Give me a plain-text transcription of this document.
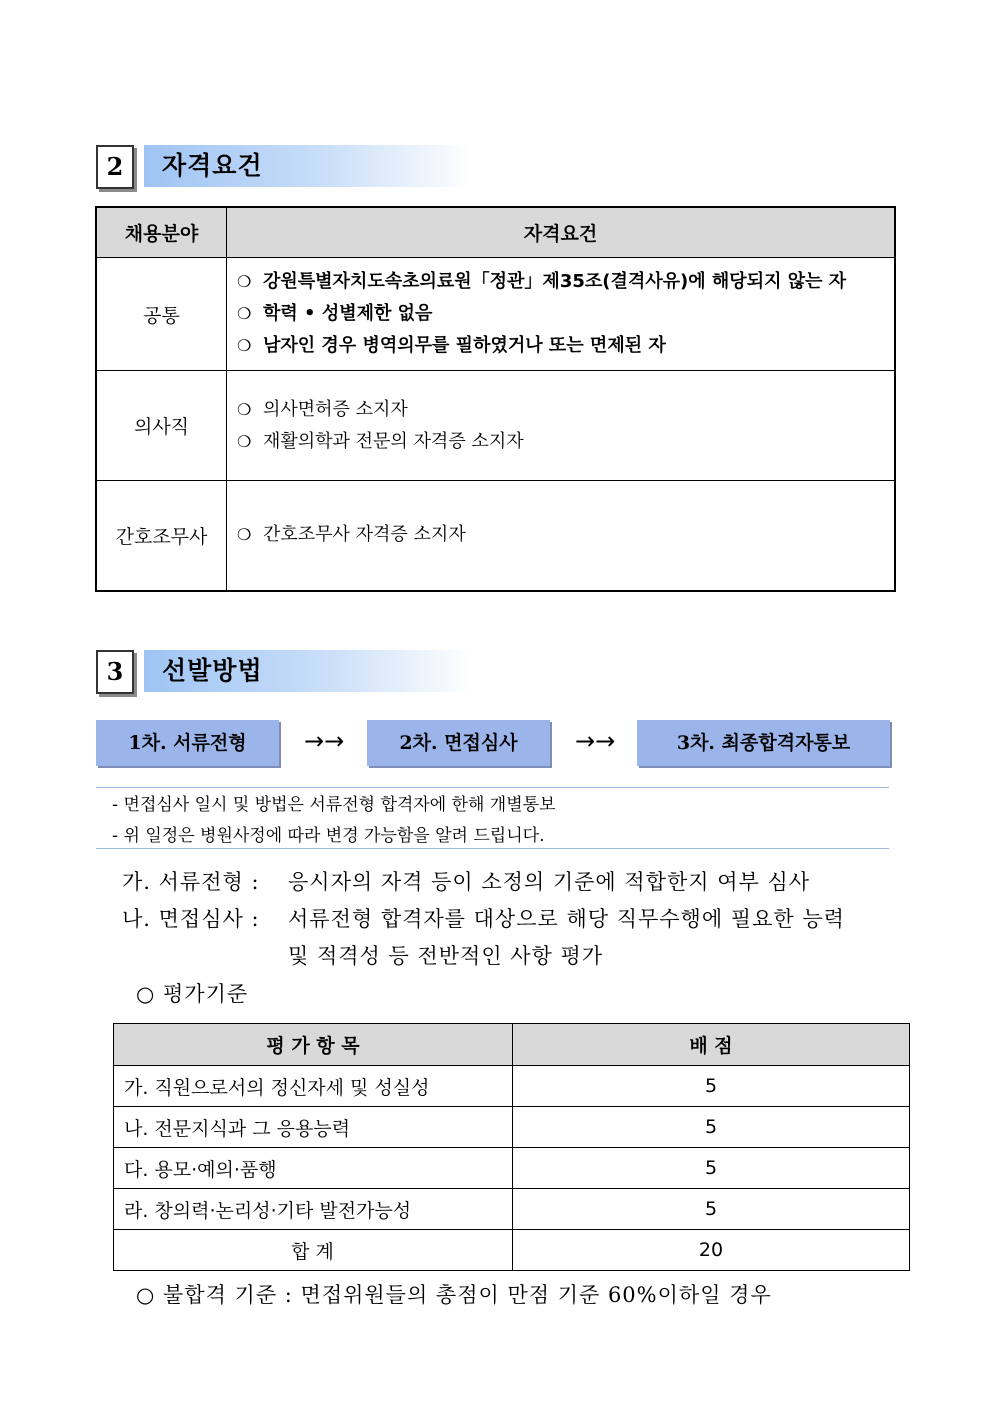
2	자격요건
채용분야	자격요건
공통	❍ 강원특별자치도속초의료원「정관」제35조(결격사유)에 해당되지 않는 자
❍ 학력 • 성별제한 없음
❍ 남자인 경우 병역의무를 필하였거나 또는 면제된 자

의사직	❍ 의사면허증 소지자
❍ 재활의학과 전문의 자격증 소지자

간호조무사	❍ 간호조무사 자격증 소지자
3	선발방법
1차. 서류전형	→→	2차. 면접심사	→→	3차. 최종합격자통보
- 면접심사 일시 및 방법은 서류전형 합격자에 한해 개별통보
- 위 일정은 병원사정에 따라 변경 가능함을 알려 드립니다.
가. 서류전형 : 응시자의 자격 등이 소정의 기준에 적합한지 여부 심사
나. 면접심사 : 서류전형 합격자를 대상으로 해당 직무수행에 필요한 능력
및 적격성 등 전반적인 사항 평가
○ 평가기준
평 가 항 목	배 점
가. 직원으로서의 정신자세 및 성실성	5
나. 전문지식과 그 응용능력	5
다. 용모·예의·품행	5
라. 창의력·논리성·기타 발전가능성	5
합 계	20
○ 불합격 기준 : 면접위원들의 총점이 만점 기준 60%이하일 경우
